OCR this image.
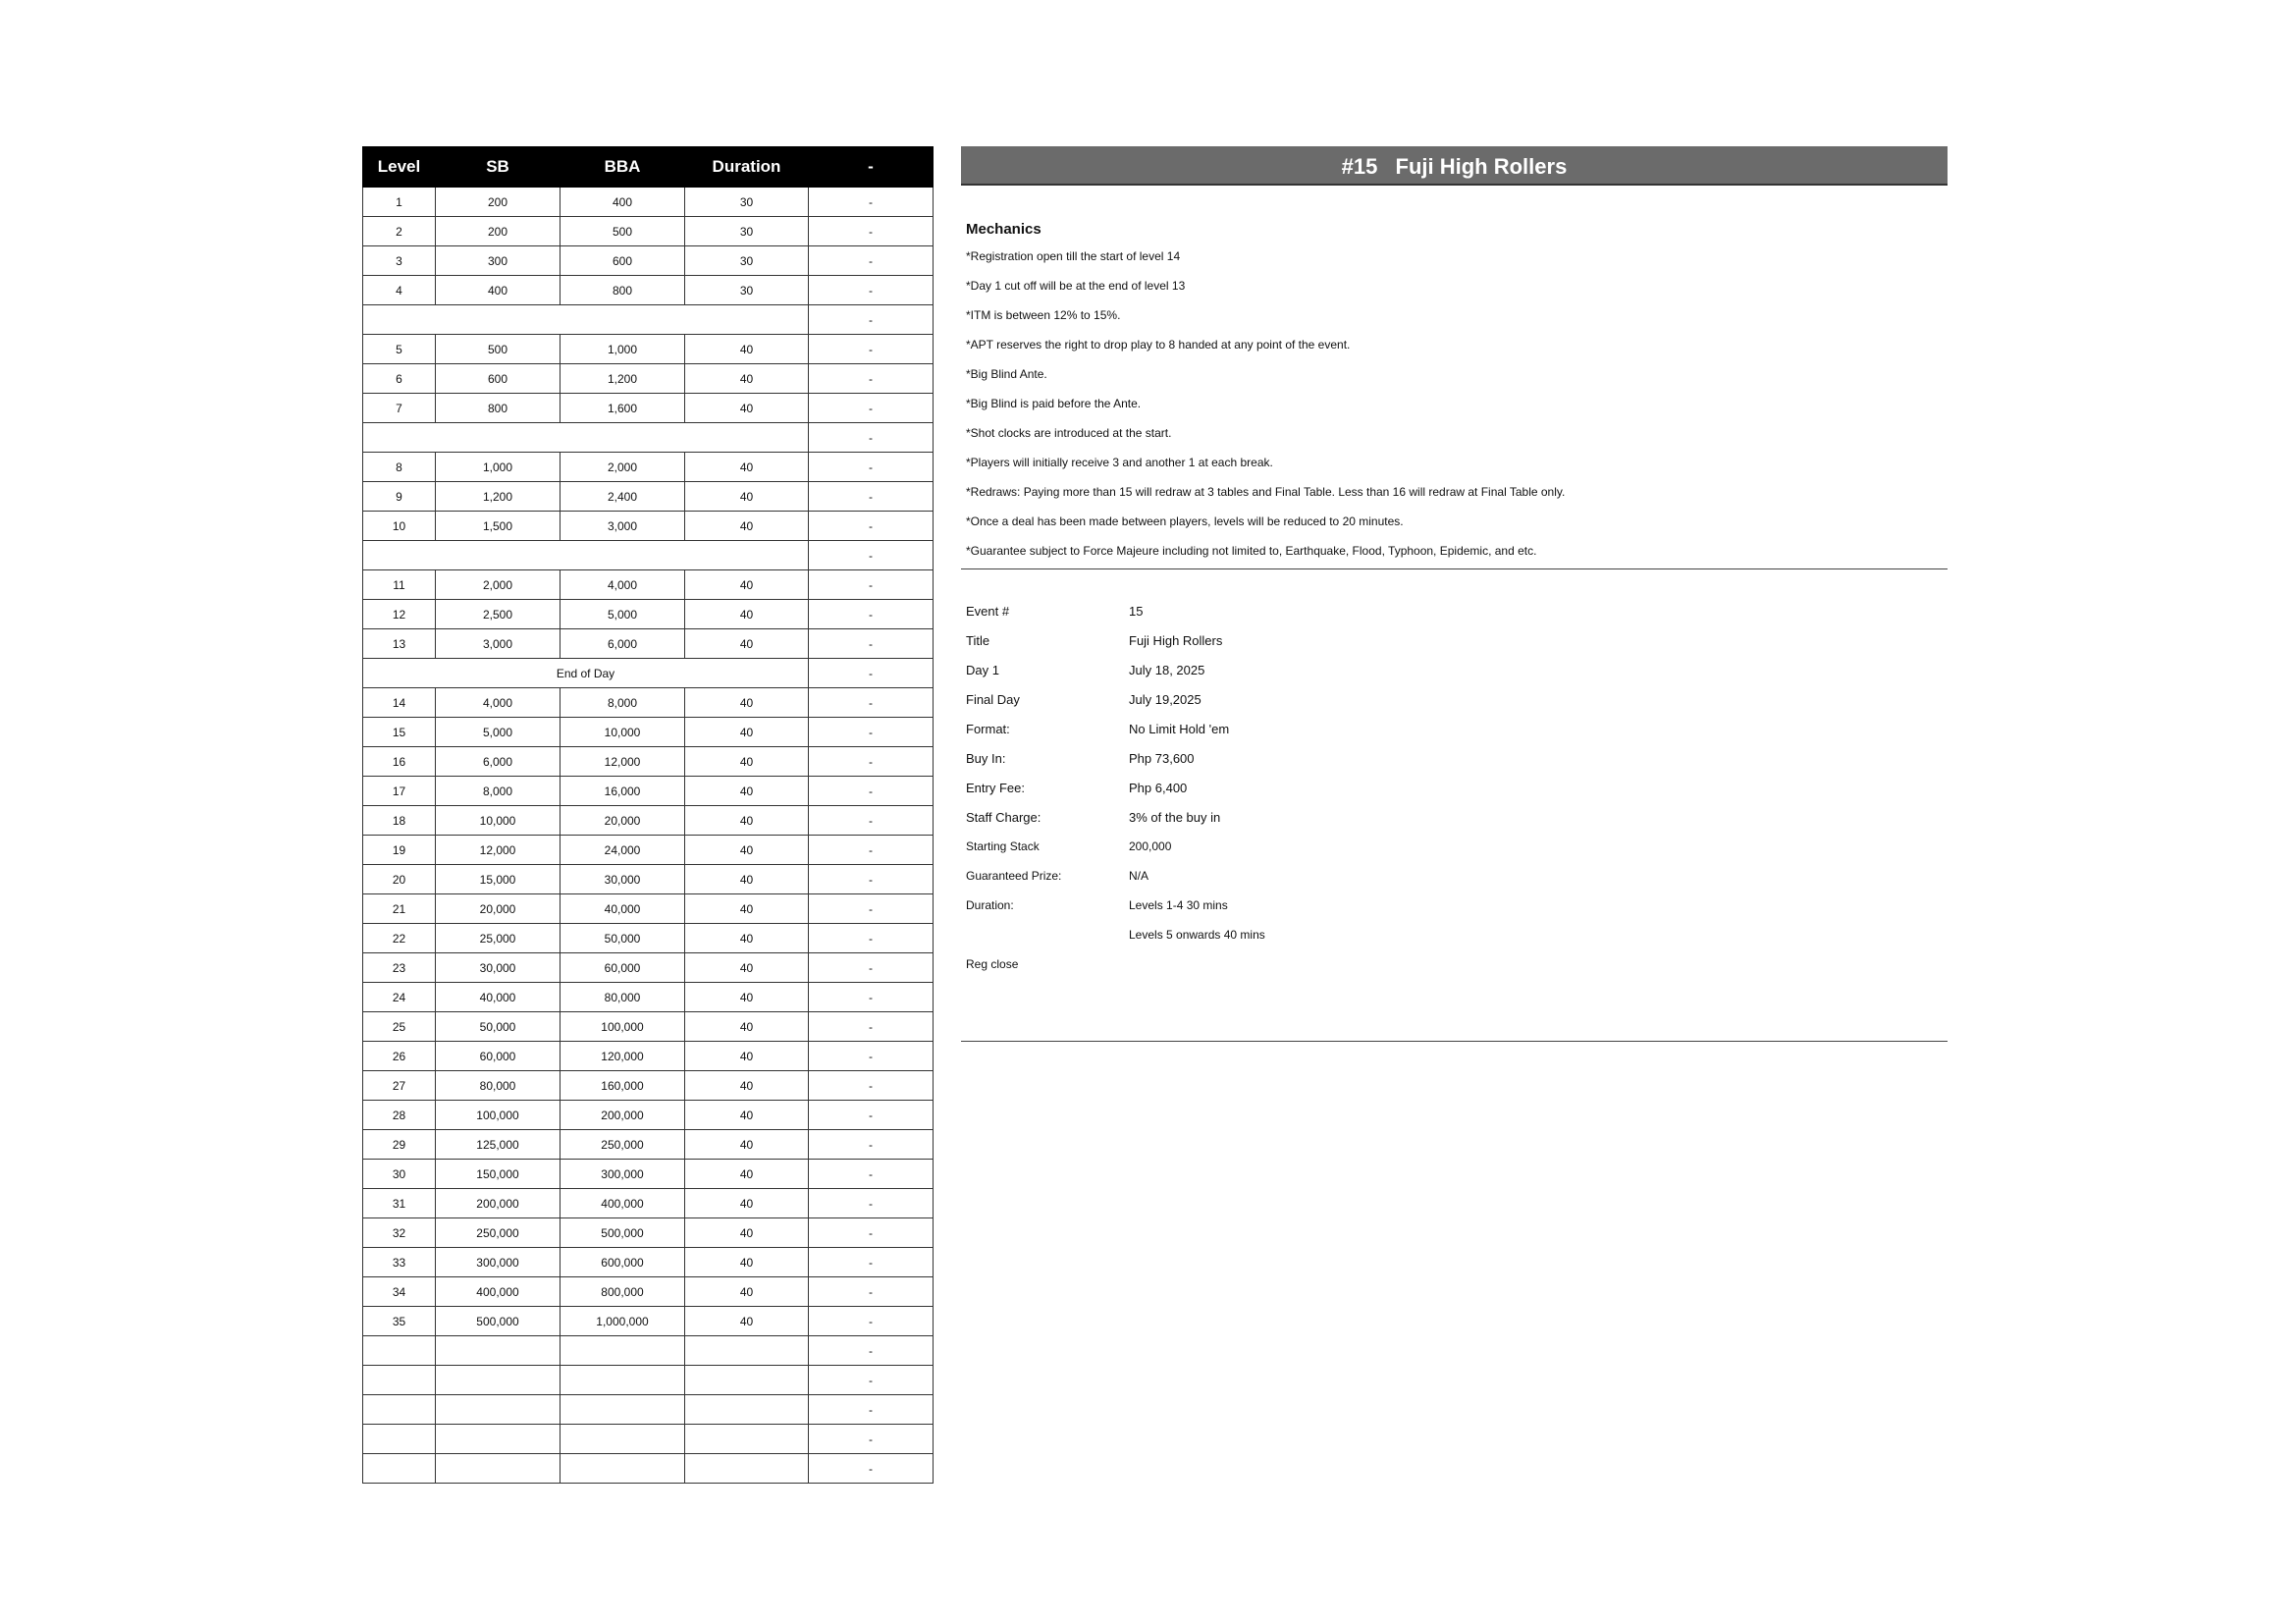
Level	SB	BBA	Duration	-
1	200	400	30	-
2	200	500	30	-
3	300	600	30	-
4	400	800	30	-
				-
5	500	1,000	40	-
6	600	1,200	40	-
7	800	1,600	40	-
				-
8	1,000	2,000	40	-
9	1,200	2,400	40	-
10	1,500	3,000	40	-
				-
11	2,000	4,000	40	-
12	2,500	5,000	40	-
13	3,000	6,000	40	-
End of Day				-
14	4,000	8,000	40	-
15	5,000	10,000	40	-
16	6,000	12,000	40	-
17	8,000	16,000	40	-
18	10,000	20,000	40	-
19	12,000	24,000	40	-
20	15,000	30,000	40	-
21	20,000	40,000	40	-
22	25,000	50,000	40	-
23	30,000	60,000	40	-
24	40,000	80,000	40	-
25	50,000	100,000	40	-
26	60,000	120,000	40	-
27	80,000	160,000	40	-
28	100,000	200,000	40	-
29	125,000	250,000	40	-
30	150,000	300,000	40	-
31	200,000	400,000	40	-
32	250,000	500,000	40	-
33	300,000	600,000	40	-
34	400,000	800,000	40	-
35	500,000	1,000,000	40	-
				-
				-
				-
				-
				-
#15 Fuji High Rollers
Mechanics
*Registration open till the start of level 14
*Day 1 cut off will be at the end of level 13
*ITM is between 12% to 15%.
*APT reserves the right to drop play to 8 handed at any point of the event.
*Big Blind Ante.
*Big Blind is paid before the Ante.
*Shot clocks are introduced at the start.
*Players will initially receive 3 and another 1 at each break.
*Redraws: Paying more than 15 will redraw at 3 tables and Final Table. Less than 16 will redraw at Final Table only.
*Once a deal has been made between players, levels will be reduced to 20 minutes.
*Guarantee subject to Force Majeure including not limited to, Earthquake, Flood, Typhoon, Epidemic, and etc.
Event #	15
Title	Fuji High Rollers
Day 1	July 18, 2025
Final Day	July 19,2025
Format:	No Limit Hold 'em
Buy In:	Php 73,600
Entry Fee:	Php 6,400
Staff Charge:	3% of the buy in
Starting Stack	200,000
Guaranteed Prize:	N/A
Duration:	Levels 1-4 30 mins
Levels 5 onwards 40 mins
Reg close
